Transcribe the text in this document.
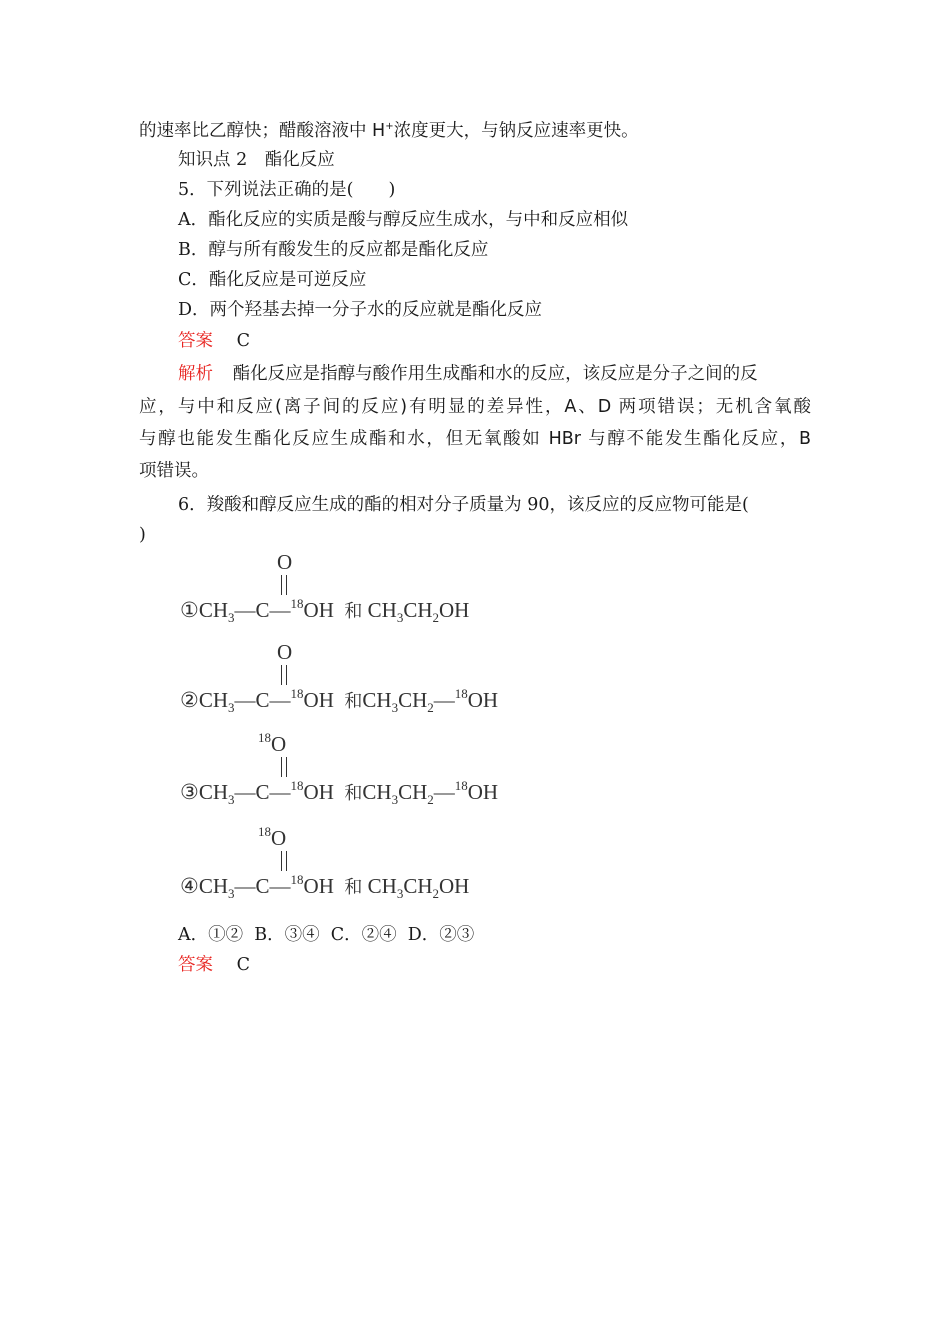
的速率比乙醇快；醋酸溶液中 H+浓度更大，与钠反应速率更快。
知识点 2　酯化反应
5．下列说法正确的是(　　)
A．酯化反应的实质是酸与醇反应生成水，与中和反应相似
B．醇与所有酸发生的反应都是酯化反应
C．酯化反应是可逆反应
D．两个羟基去掉一分子水的反应就是酯化反应
答案 C
解析 酯化反应是指醇与酸作用生成酯和水的反应，该反应是分子之间的反
应，与中和反应(离子间的反应)有明显的差异性，A、D 两项错误；无机含氧酸
与醇也能发生酯化反应生成酯和水，但无氧酸如 HBr 与醇不能发生酯化反应，B
项错误。
6．羧酸和醇反应生成的酯的相对分子质量为 90，该反应的反应物可能是(
)
O
$①CH_3—C—^{18}OH$  和 $CH_3CH_2OH$
O
$②CH_3—C—^{18}OH$  和$CH_3CH_2—^{18}OH$
$^{18}$O
$③CH_3—C—^{18}OH$  和$CH_3CH_2—^{18}OH$
$^{18}$O
$④CH_3—C—^{18}OH$  和 $CH_3CH_2OH$
A．①②  B．③④  C．②④  D．②③
答案 C
